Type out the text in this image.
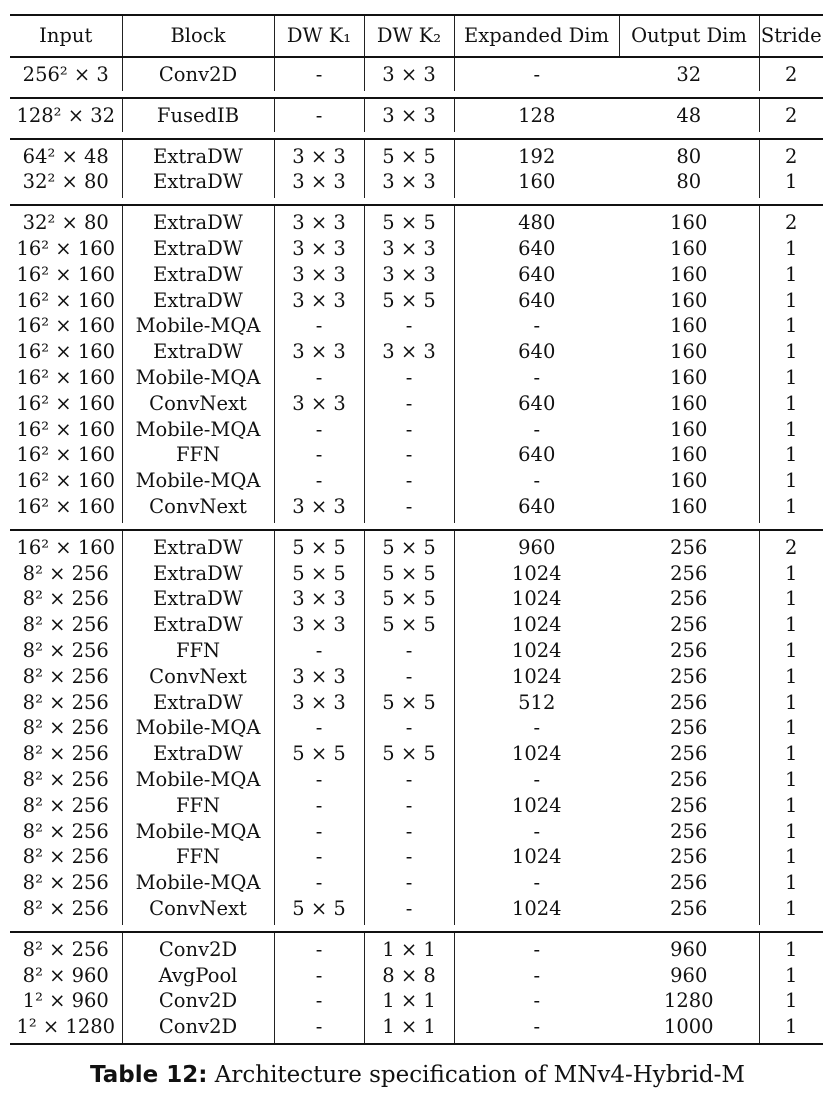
Input	Block	DW K₁	DW K₂	Expanded Dim	Output Dim	Stride
256² × 3	Conv2D	-	3 × 3	-	32	2

128² × 32	FusedIB	-	3 × 3	128	48	2

64² × 48	ExtraDW	3 × 3	5 × 5	192	80	2
32² × 80	ExtraDW	3 × 3	3 × 3	160	80	1

32² × 80	ExtraDW	3 × 3	5 × 5	480	160	2
16² × 160	ExtraDW	3 × 3	3 × 3	640	160	1
16² × 160	ExtraDW	3 × 3	3 × 3	640	160	1
16² × 160	ExtraDW	3 × 3	5 × 5	640	160	1
16² × 160	Mobile-MQA	-	-	-	160	1
16² × 160	ExtraDW	3 × 3	3 × 3	640	160	1
16² × 160	Mobile-MQA	-	-	-	160	1
16² × 160	ConvNext	3 × 3	-	640	160	1
16² × 160	Mobile-MQA	-	-	-	160	1
16² × 160	FFN	-	-	640	160	1
16² × 160	Mobile-MQA	-	-	-	160	1
16² × 160	ConvNext	3 × 3	-	640	160	1

16² × 160	ExtraDW	5 × 5	5 × 5	960	256	2
8² × 256	ExtraDW	5 × 5	5 × 5	1024	256	1
8² × 256	ExtraDW	3 × 3	5 × 5	1024	256	1
8² × 256	ExtraDW	3 × 3	5 × 5	1024	256	1
8² × 256	FFN	-	-	1024	256	1
8² × 256	ConvNext	3 × 3	-	1024	256	1
8² × 256	ExtraDW	3 × 3	5 × 5	512	256	1
8² × 256	Mobile-MQA	-	-	-	256	1
8² × 256	ExtraDW	5 × 5	5 × 5	1024	256	1
8² × 256	Mobile-MQA	-	-	-	256	1
8² × 256	FFN	-	-	1024	256	1
8² × 256	Mobile-MQA	-	-	-	256	1
8² × 256	FFN	-	-	1024	256	1
8² × 256	Mobile-MQA	-	-	-	256	1
8² × 256	ConvNext	5 × 5	-	1024	256	1

8² × 256	Conv2D	-	1 × 1	-	960	1
8² × 960	AvgPool	-	8 × 8	-	960	1
1² × 960	Conv2D	-	1 × 1	-	1280	1
1² × 1280	Conv2D	-	1 × 1	-	1000	1
Table 12: Architecture specification of MNv4-Hybrid-M
